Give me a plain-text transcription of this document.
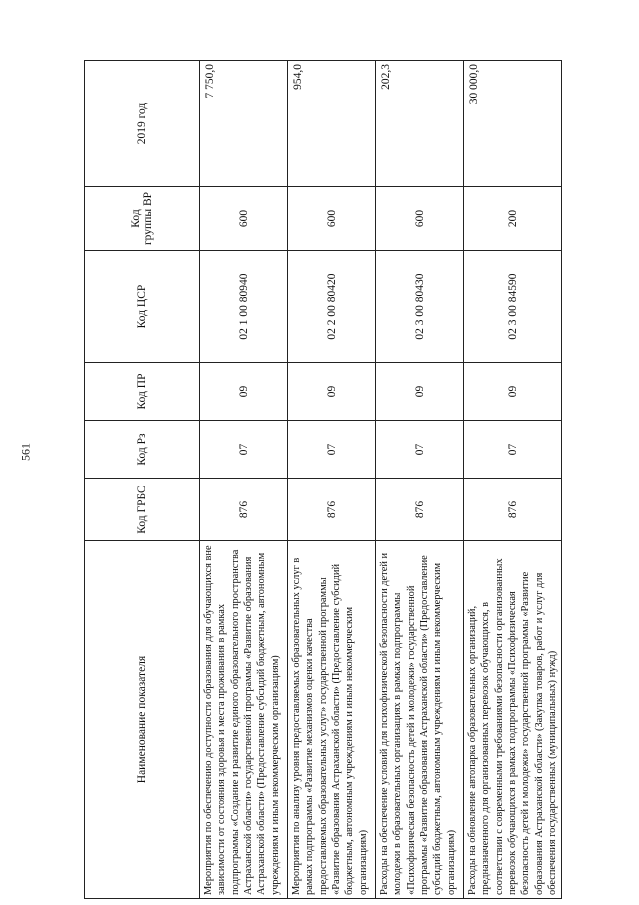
561
Наименование показателя	Код ГРБС	Код Рз	Код ПР	Код ЦСР	Код группы ВР	2019 год
Мероприятия по обеспечению доступности образования для обучающихся вне зависимости от состояния здоровья и места проживания в рамках подпрограммы «Создание и развитие единого образовательного пространства Астраханской области» государственной программы «Развитие образования Астраханской области» (Предоставление субсидий бюджетным, автономным учреждениям и иным некоммерческим организациям)	876	07	09	02 1 00 80940	600	7 750,0
Мероприятия по анализу уровня предоставляемых образовательных услуг в рамках подпрограммы «Развитие механизмов оценки качества предоставляемых образовательных услуг» государственной программы «Развитие образования Астраханской области» (Предоставление субсидий бюджетным, автономным учреждениям и иным некоммерческим организациям)	876	07	09	02 2 00 80420	600	954,0
Расходы на обеспечение условий для психофизической безопасности детей и молодежи в образовательных организациях в рамках подпрограммы «Психофизическая безопасность детей и молодежи» государственной программы «Развитие образования Астраханской области» (Предоставление субсидий бюджетным, автономным учреждениям и иным некоммерческим организациям)	876	07	09	02 3 00 80430	600	202,3
Расходы на обновление автопарка образовательных организаций, предназначенного для организованных перевозок обучающихся, в соответствии с современными требованиями безопасности организованных перевозок обучающихся в рамках подпрограммы «Психофизическая безопасность детей и молодежи» государственной программы «Развитие образования Астраханской области» (Закупка товаров, работ и услуг для обеспечения государственных (муниципальных) нужд)	876	07	09	02 3 00 84590	200	30 000,0
